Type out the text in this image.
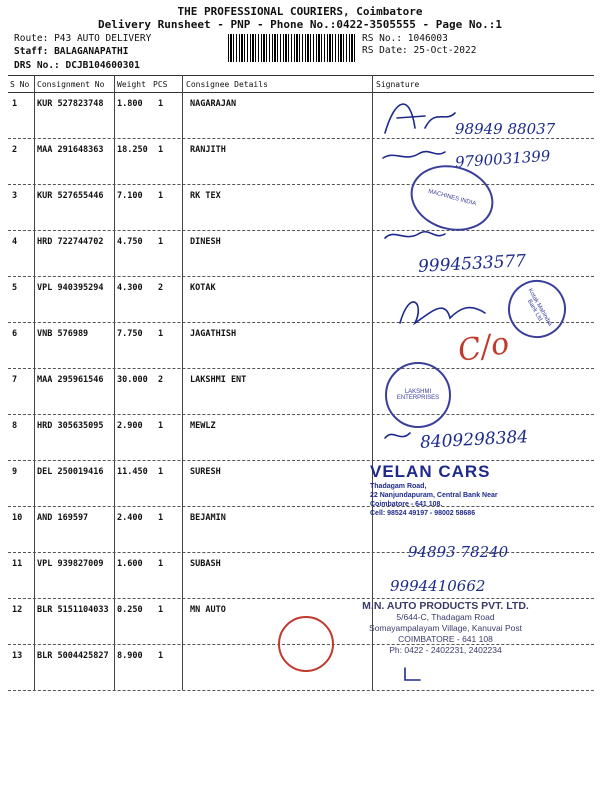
THE PROFESSIONAL COURIERS, Coimbatore
Delivery Runsheet - PNP - Phone No.:0422-3505555 - Page No.:1
Route: P43 AUTO DELIVERY
Staff: BALAGANAPATHI
DRS No.: DCJB104600301
RS No.: 1046003
RS Date: 25-Oct-2022
S No Consignment No Weight PCS Consignee Details	Signature
1 KUR 527823748 1.800 1	NAGARAJAN
2 MAA 291648363 18.250 1	RANJITH
3 KUR 527655446 7.100 1	RK TEX
4 HRD 722744702 4.750 1	DINESH
5 VPL 940395294 4.300 2	KOTAK
6 VNB 576989	7.750 1	JAGATHISH
7 MAA 295961546 30.000 2	LAKSHMI ENT
8 HRD 305635095 2.900 1	MEWLZ
9 DEL 250019416 11.450 1	SURESH
10 AND 169597	2.400 1	BEJAMIN
11 VPL 939827009 1.600 1	SUBASH
12 BLR 5151104033 0.250 1	MN AUTO
13 BLR 5004425827 8.900 1
98949 88037
9790031399
9994533577
8409298384
94893 78240
9994410662
C/o
MACHINES INDIA
Kotak Mahindra Bank Ltd
LAKSHMI ENTERPRISES
VELAN CARS
Thadagam Road,
22 Nanjundapuram, Central Bank Near
Coimbatore - 641 108.
Cell: 98524 49197 - 98002 58686
M.N. AUTO PRODUCTS PVT. LTD.
5/644-C, Thadagam Road
Somayampalayam Village, Kanuvai Post
COIMBATORE - 641 108
Ph: 0422 - 2402231, 2402234
